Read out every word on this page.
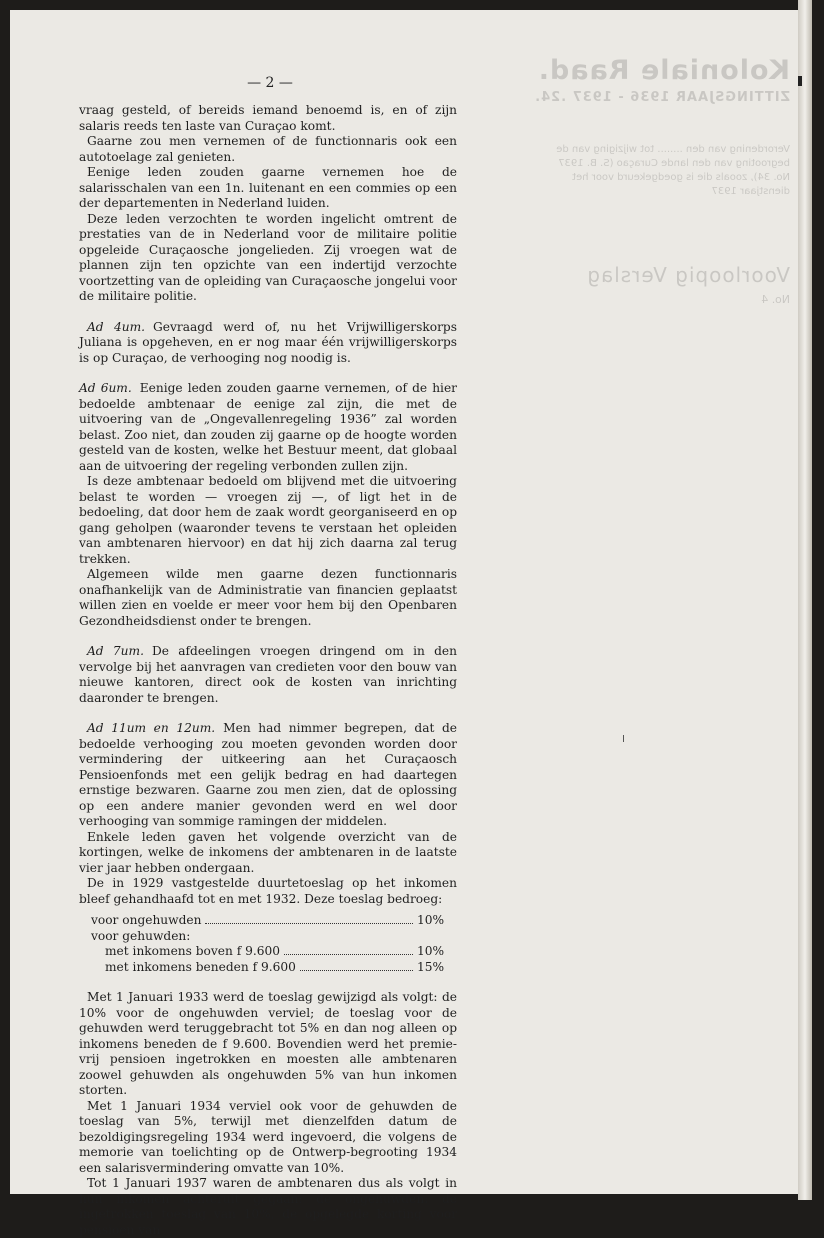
— 2 —

vraag gesteld, of bereids iemand benoemd is, en of zijn salaris reeds ten laste van Curaçao komt.

Gaarne zou men vernemen of de functionnaris ook een autotoelage zal genieten.

Eenige leden zouden gaarne vernemen hoe de salarisschalen van een 1n. luitenant en een commies op een der departementen in Nederland luiden.

Deze leden verzochten te worden ingelicht omtrent de prestaties van de in Nederland voor de militaire politie opgeleide Curaçaosche jongelieden. Zij vroegen wat de plannen zijn ten opzichte van een indertijd verzochte voortzetting van de opleiding van Curaçaosche jongelui voor de militaire politie.

Ad 4um. Gevraagd werd of, nu het Vrijwilligerskorps Juliana is opgeheven, en er nog maar één vrijwilligerskorps is op Curaçao, de verhooging nog noodig is.

Ad 6um. Eenige leden zouden gaarne vernemen, of de hier bedoelde ambtenaar de eenige zal zijn, die met de uitvoering van de „Ongevallenregeling 1936” zal worden belast. Zoo niet, dan zouden zij gaarne op de hoogte worden gesteld van de kosten, welke het Bestuur meent, dat globaal aan de uitvoering der regeling verbonden zullen zijn.

Is deze ambtenaar bedoeld om blijvend met die uitvoering belast te worden — vroegen zij —, of ligt het in de bedoeling, dat door hem de zaak wordt georganiseerd en op gang geholpen (waaronder tevens te verstaan het opleiden van ambtenaren hiervoor) en dat hij zich daarna zal terug trekken.

Algemeen wilde men gaarne dezen functionnaris onafhankelijk van de Administratie van financien geplaatst willen zien en voelde er meer voor hem bij den Openbaren Gezondheidsdienst onder te brengen.

Ad 7um. De afdeelingen vroegen dringend om in den vervolge bij het aanvragen van credieten voor den bouw van nieuwe kantoren, direct ook de kosten van inrichting daaronder te brengen.

Ad 11um en 12um. Men had nimmer begrepen, dat de bedoelde verhooging zou moeten gevonden worden door vermindering der uitkeering aan het Curaçaosch Pensioenfonds met een gelijk bedrag en had daartegen ernstige bezwaren. Gaarne zou men zien, dat de oplossing op een andere manier gevonden werd en wel door verhooging van sommige ramingen der middelen.

Enkele leden gaven het volgende overzicht van de kortingen, welke de inkomens der ambtenaren in de laatste vier jaar hebben ondergaan.

De in 1929 vastgestelde duurtetoeslag op het inkomen bleef gehandhaafd tot en met 1932. Deze toeslag bedroeg:

voor ongehuwden	10%
voor gehuwden:
met inkomens boven f 9.600	10%
met inkomens beneden f 9.600	15%

Met 1 Januari 1933 werd de toeslag gewijzigd als volgt: de 10% voor de ongehuwden verviel; de toeslag voor de gehuwden werd teruggebracht tot 5% en dan nog alleen op inkomens beneden de f 9.600. Bovendien werd het premie-vrij pensioen ingetrokken en moesten alle ambtenaren zoowel gehuwden als ongehuwden 5% van hun inkomen storten.

Met 1 Januari 1934 verviel ook voor de gehuwden de toeslag van 5%, terwijl met dienzelfden datum de bezoldigingsregeling 1934 werd ingevoerd, die volgens de memorie van toelichting op de Ontwerp-begrooting 1934 een salarisvermindering omvatte van 10%.

Tot 1 Januari 1937 waren de ambtenaren dus als volgt in hun inkomen achteruit gegaan: de ongehuwden: de ingetrokken toeslag van 10%, de opgelegde korting voor pensioen van
